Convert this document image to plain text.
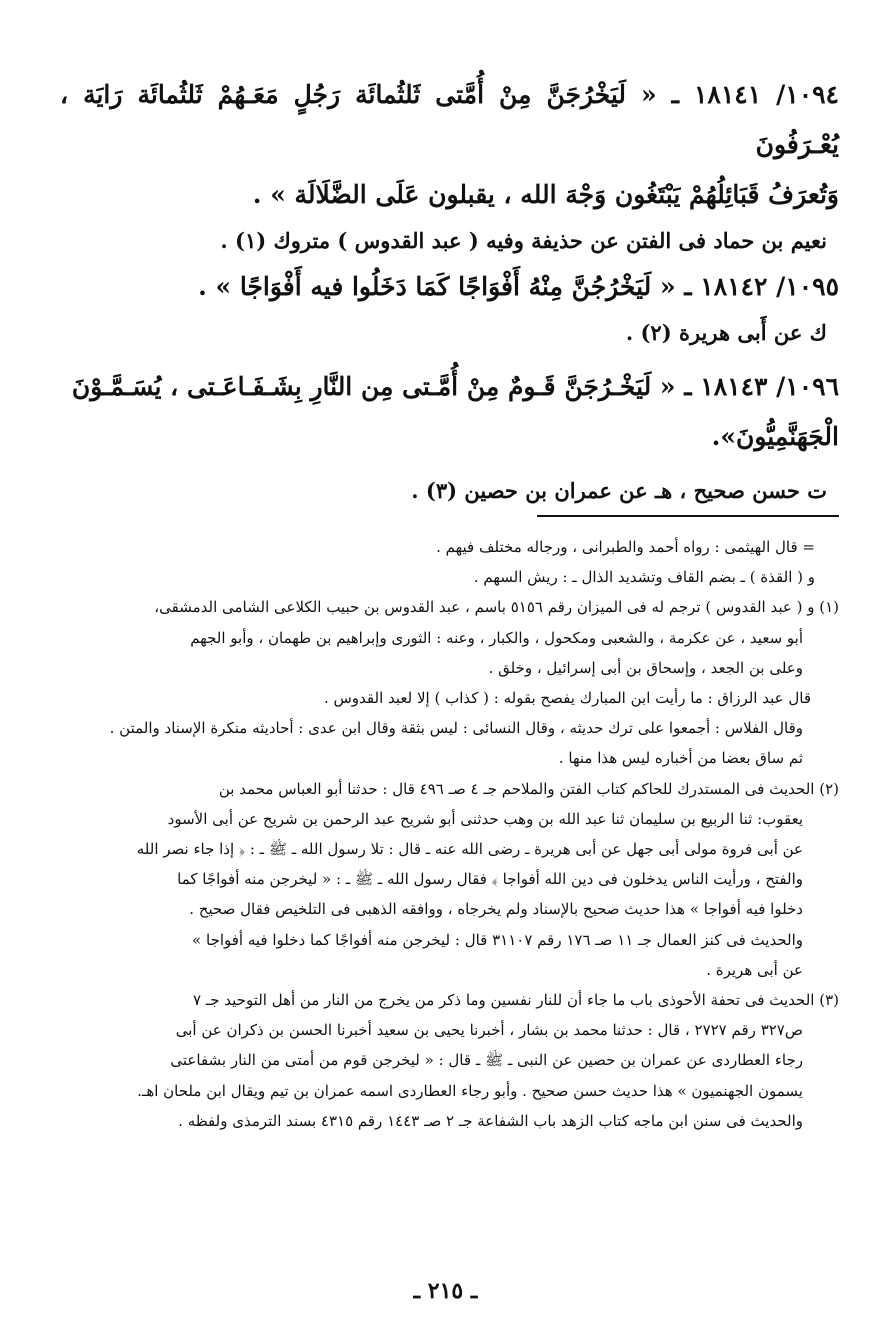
١٠٩٤/ ١٨١٤١ ـ « لَيَخْرُجَنَّ مِنْ أُمَّتى ثَلثُمائَة رَجُلٍ مَعَـهُمْ ثَلثُمائَة رَايَة ، يُعْـرَفُونَ

وَتُعرَفُ قَبَائِلُهُمْ يَبْتَغُون وَجْهَ الله ، يقبلون عَلَى الضَّلَالَة » .

نعيم بن حماد فى الفتن عن حذيفة وفيه ( عبد القدوس ) متروك (١) .

١٠٩٥/ ١٨١٤٢ ـ « لَيَخْرُجُنَّ مِنْهُ أَفْوَاجًا كَمَا دَخَلُوا فيه أَفْوَاجًا » .

ك عن أَبى هريرة (٢) .

١٠٩٦/ ١٨١٤٣ ـ « لَيَخْـرُجَنَّ قَـومٌ مِنْ أُمَّـتى مِن النَّارِ بِشَـفَـاعَـتى ، يُسَـمَّـوْنَ

الْجَهَنَّمِيُّونَ».

ت حسن صحيح ، هـ عن عمران بن حصين (٣) .

= قال الهيثمى : رواه أحمد والطبرانى ، ورجاله مختلف فيهم .

و ( القذة ) ـ بضم القاف وتشديد الذال ـ : ريش السهم .

(١) و ( عبد القدوس ) ترجم له فى الميزان رقم ٥١٥٦ باسم ، عبد القدوس بن حبيب الكلاعى الشامى الدمشقى،

أبو سعيد ، عن عكرمة ، والشعبى ومكحول ، والكبار ، وعنه : الثورى وإبراهيم بن طهمان ، وأبو الجهم

وعلى بن الجعد ، وإسحاق بن أبى إسرائيل ، وخلق .

قال عبد الرزاق : ما رأيت ابن المبارك يفصح بقوله : ( كذاب ) إلا لعبد القدوس .

وقال الفلاس : أجمعوا على ترك حديثه ، وقال النسائى : ليس بثقة وقال ابن عدى : أحاديثه منكرة الإسناد والمتن .

ثم ساق بعضا من أخباره ليس هذا منها .

(٢) الحديث فى المستدرك للحاكم كتاب الفتن والملاحم جـ ٤ صـ ٤٩٦ قال : حدثنا أبو العباس محمد بن

يعقوب: ثنا الربيع بن سليمان ثنا عبد الله بن وهب حدثنى أبو شريح عبد الرحمن بن شريح عن أبى الأسود

عن أبى فروة مولى أبى جهل عن أبى هريرة ـ رضى الله عنه ـ قال : تلا رسول الله ـ ﷺ ـ : ﴿ إذا جاء نصر الله

والفتح ، ورأيت الناس يدخلون فى دين الله أفواجا ﴾ فقال رسول الله ـ ﷺ ـ : « ليخرجن منه أفواجًا كما

دخلوا فيه أفواجا » هذا حديث صحيح بالإسناد ولم يخرجاه ، ووافقه الذهبى فى التلخيص فقال صحيح .

والحديث فى كنز العمال جـ ١١ صـ ١٧٦ رقم ٣١١٠٧ قال : ليخرجن منه أفواجًا كما دخلوا فيه أفواجا »

عن أبى هريرة .

(٣) الحديث فى تحفة الأحوذى باب ما جاء أن للنار نفسين وما ذكر من يخرج من النار من أهل التوحيد جـ ٧

ص٣٢٧ رقم ٢٧٢٧ ، قال : حدثنا محمد بن بشار ، أخبرنا يحيى بن سعيد أخبرنا الحسن بن ذكران عن أبى

رجاء العطاردى عن عمران بن حصين عن النبى ـ ﷺ ـ قال : « ليخرجن قوم من أمتى من النار بشفاعتى

يسمون الجهنميون » هذا حديث حسن صحيح . وأبو رجاء العطاردى اسمه عمران بن تيم ويقال ابن ملحان اهـ.

والحديث فى سنن ابن ماجه كتاب الزهد باب الشفاعة جـ ٢ صـ ١٤٤٣ رقم ٤٣١٥ بسند الترمذى ولفظه .

ـ ٢١٥ ـ
